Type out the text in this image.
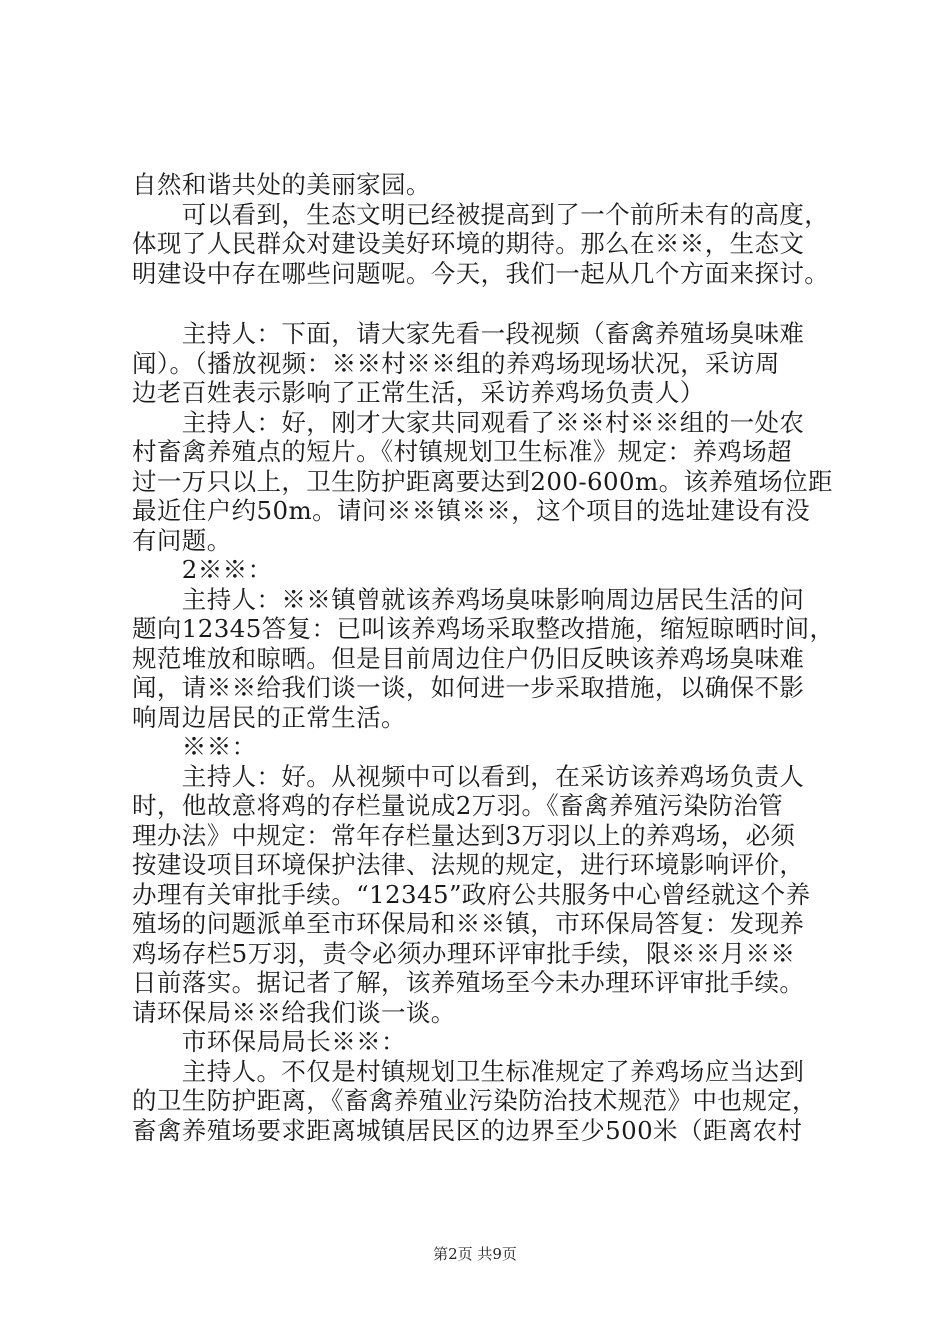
自然和谐共处的美丽家园。
　　可以看到，生态文明已经被提高到了一个前所未有的高度，
体现了人民群众对建设美好环境的期待。那么在※※，生态文
明建设中存在哪些问题呢。今天，我们一起从几个方面来探讨。
　　主持人：下面，请大家先看一段视频（畜禽养殖场臭味难
闻）。（播放视频：※※村※※组的养鸡场现场状况，采访周
边老百姓表示影响了正常生活，采访养鸡场负责人）
　　主持人：好，刚才大家共同观看了※※村※※组的一处农
村畜禽养殖点的短片。《村镇规划卫生标准》规定：养鸡场超
过一万只以上，卫生防护距离要达到200-600m。该养殖场位距
最近住户约50m。请问※※镇※※，这个项目的选址建设有没
有问题。
　　2※※：
　　主持人：※※镇曾就该养鸡场臭味影响周边居民生活的问
题向12345答复：已叫该养鸡场采取整改措施，缩短晾晒时间，
规范堆放和晾晒。但是目前周边住户仍旧反映该养鸡场臭味难
闻，请※※给我们谈一谈，如何进一步采取措施，以确保不影
响周边居民的正常生活。
　　※※：
　　主持人：好。从视频中可以看到，在采访该养鸡场负责人
时，他故意将鸡的存栏量说成2万羽。《畜禽养殖污染防治管
理办法》中规定：常年存栏量达到3万羽以上的养鸡场，必须
按建设项目环境保护法律、法规的规定，进行环境影响评价，
办理有关审批手续。“12345”政府公共服务中心曾经就这个养
殖场的问题派单至市环保局和※※镇，市环保局答复：发现养
鸡场存栏5万羽，责令必须办理环评审批手续，限※※月※※
日前落实。据记者了解，该养殖场至今未办理环评审批手续。
请环保局※※给我们谈一谈。
　　市环保局局长※※：
　　主持人。不仅是村镇规划卫生标准规定了养鸡场应当达到
的卫生防护距离，《畜禽养殖业污染防治技术规范》中也规定，
畜禽养殖场要求距离城镇居民区的边界至少500米（距离农村
第2页 共9页
